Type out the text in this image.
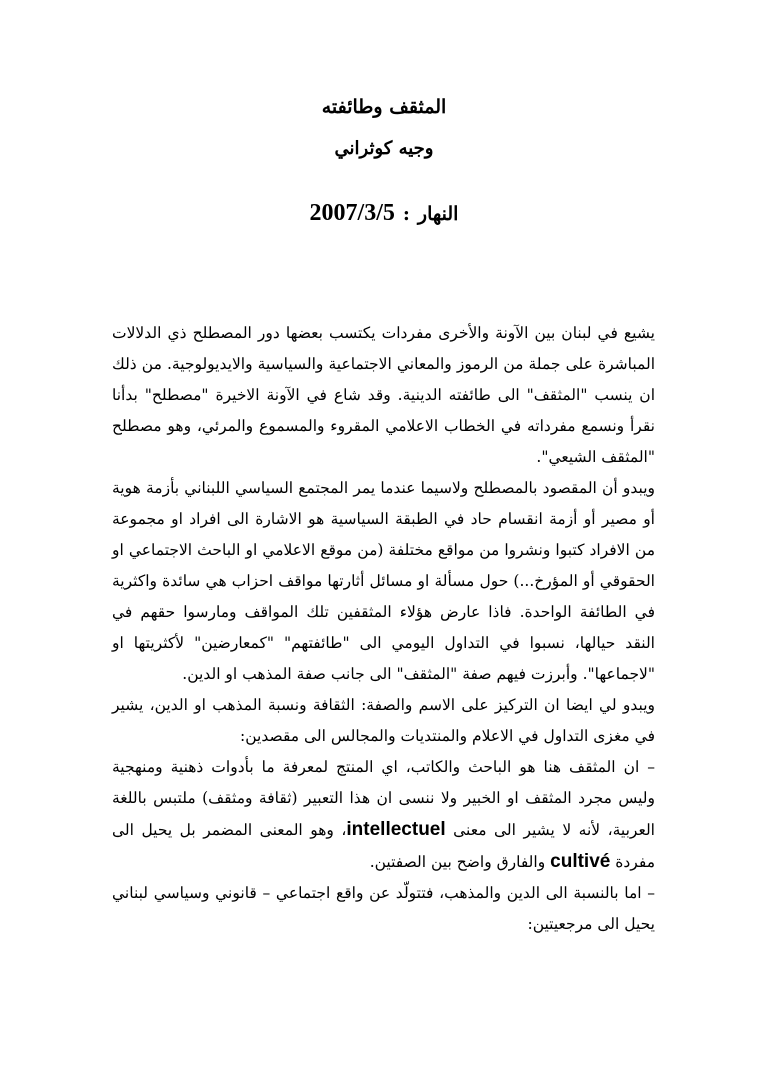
المثقف وطائفته
وجيه كوثراني
النهار:2007/3/5

يشيع في لبنان بين الآونة والأخرى مفردات يكتسب بعضها دور المصطلح ذي الدلالات المباشرة على جملة من الرموز والمعاني الاجتماعية والسياسية والايديولوجية. من ذلك ان ينسب "المثقف" الى طائفته الدينية. وقد شاع في الآونة الاخيرة "مصطلح" بدأنا نقرأ ونسمع مفرداته في الخطاب الاعلامي المقروء والمسموع والمرئي، وهو مصطلح "المثقف الشيعي".

ويبدو أن المقصود بالمصطلح ولاسيما عندما يمر المجتمع السياسي اللبناني بأزمة هوية أو مصير أو أزمة انقسام حاد في الطبقة السياسية هو الاشارة الى افراد او مجموعة من الافراد كتبوا ونشروا من مواقع مختلفة (من موقع الاعلامي او الباحث الاجتماعي او الحقوقي أو المؤرخ...) حول مسألة او مسائل أثارتها مواقف احزاب هي سائدة واكثرية في الطائفة الواحدة. فاذا عارض هؤلاء المثقفين تلك المواقف ومارسوا حقهم في النقد حيالها، نسبوا في التداول اليومي الى "طائفتهم" "كمعارضين" لأكثريتها او "لاجماعها". وأبرزت فيهم صفة "المثقف" الى جانب صفة المذهب او الدين.

ويبدو لي ايضا ان التركيز على الاسم والصفة: الثقافة ونسبة المذهب او الدين، يشير في مغزى التداول في الاعلام والمنتديات والمجالس الى مقصدين:

– ان المثقف هنا هو الباحث والكاتب، اي المنتج لمعرفة ما بأدوات ذهنية ومنهجية وليس مجرد المثقف او الخبير ولا ننسى ان هذا التعبير (ثقافة ومثقف) ملتبس باللغة العربية، لأنه لا يشير الى معنى intellectuel، وهو المعنى المضمر بل يحيل الى مفردة cultivé والفارق واضح بين الصفتين.

– اما بالنسبة الى الدين والمذهب، فتتولّد عن واقع اجتماعي – قانوني وسياسي لبناني يحيل الى مرجعيتين:
